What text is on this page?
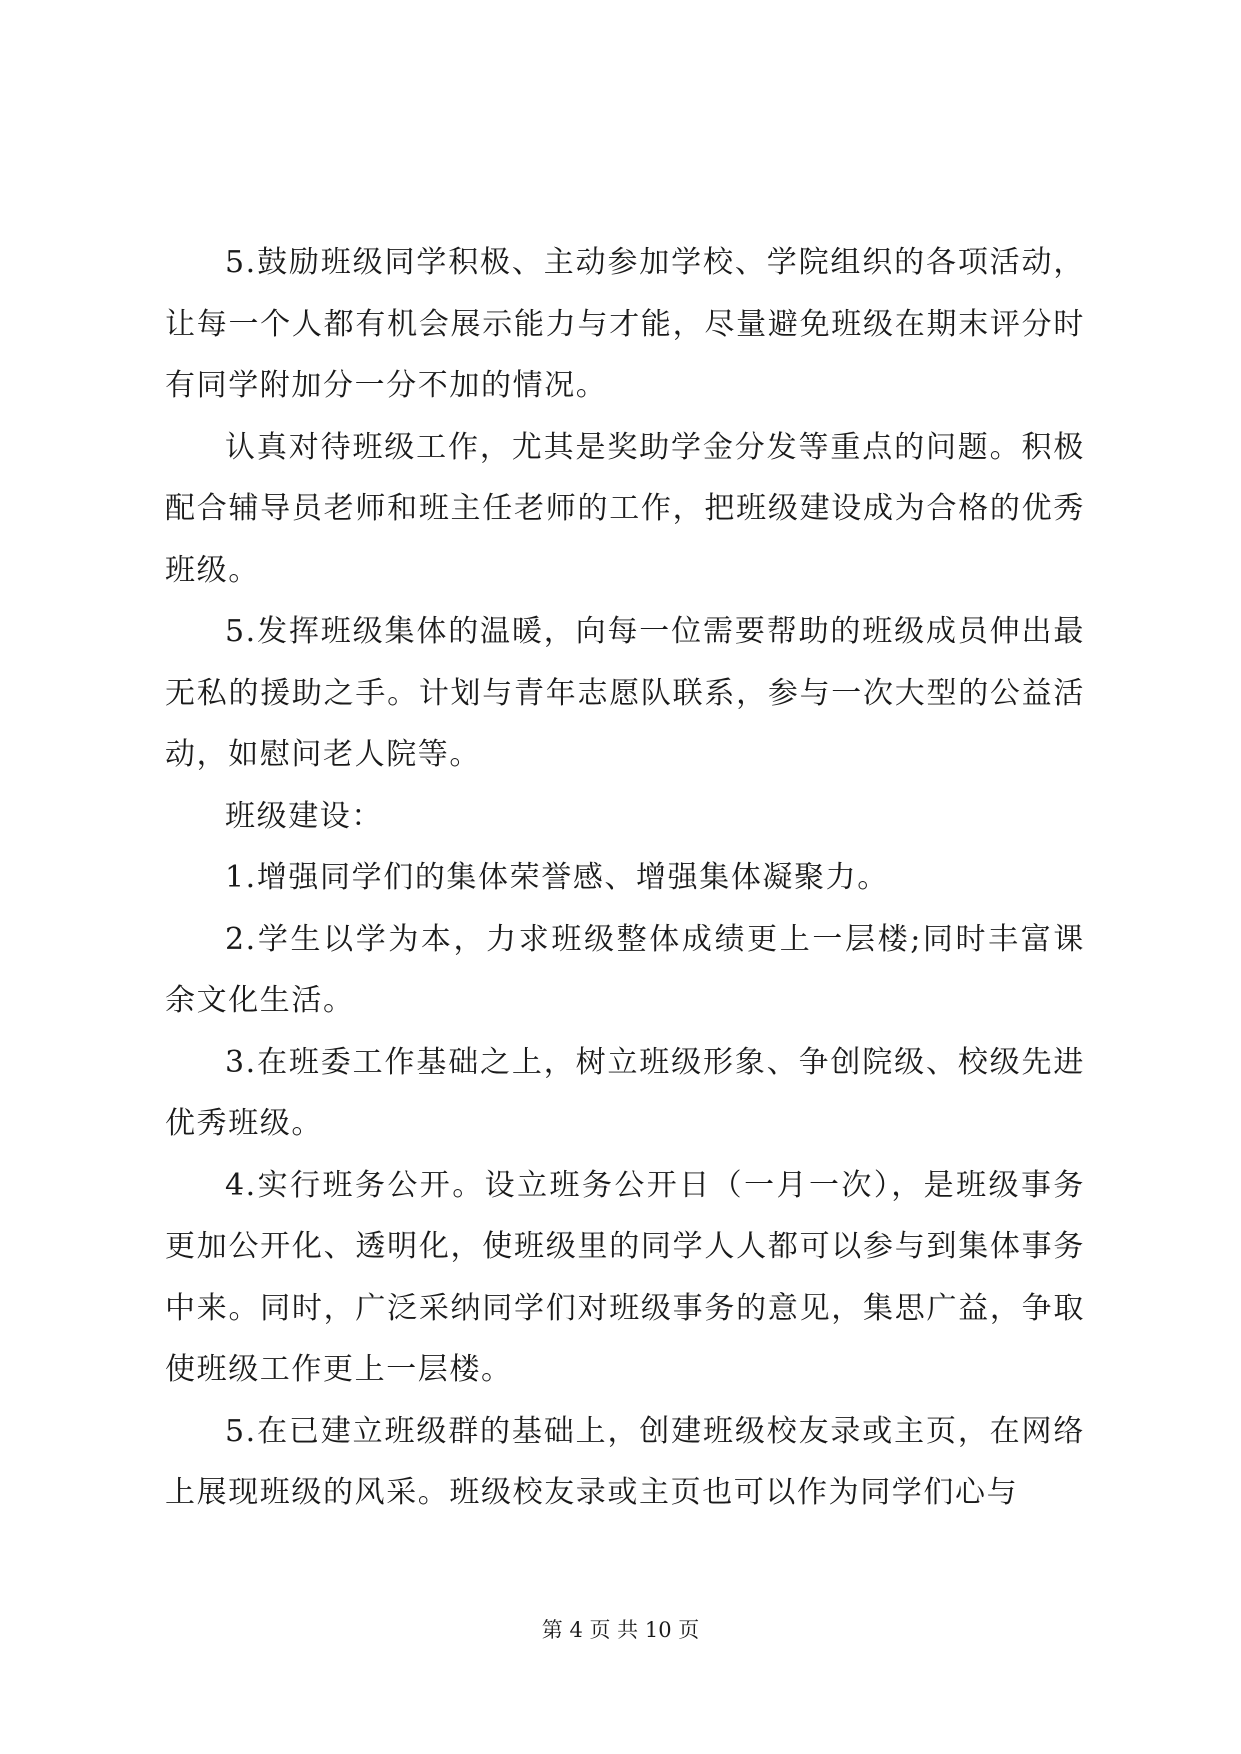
5.鼓励班级同学积极、主动参加学校、学院组织的各项活动，让每一个人都有机会展示能力与才能，尽量避免班级在期末评分时有同学附加分一分不加的情况。

认真对待班级工作，尤其是奖助学金分发等重点的问题。积极配合辅导员老师和班主任老师的工作，把班级建设成为合格的优秀班级。

5.发挥班级集体的温暖，向每一位需要帮助的班级成员伸出最无私的援助之手。计划与青年志愿队联系，参与一次大型的公益活动，如慰问老人院等。

班级建设：

1.增强同学们的集体荣誉感、增强集体凝聚力。

2.学生以学为本，力求班级整体成绩更上一层楼;同时丰富课余文化生活。

3.在班委工作基础之上，树立班级形象、争创院级、校级先进优秀班级。

4.实行班务公开。设立班务公开日（一月一次），是班级事务更加公开化、透明化，使班级里的同学人人都可以参与到集体事务中来。同时，广泛采纳同学们对班级事务的意见，集思广益，争取使班级工作更上一层楼。

5.在已建立班级群的基础上，创建班级校友录或主页，在网络上展现班级的风采。班级校友录或主页也可以作为同学们心与

第 4 页 共 10 页
